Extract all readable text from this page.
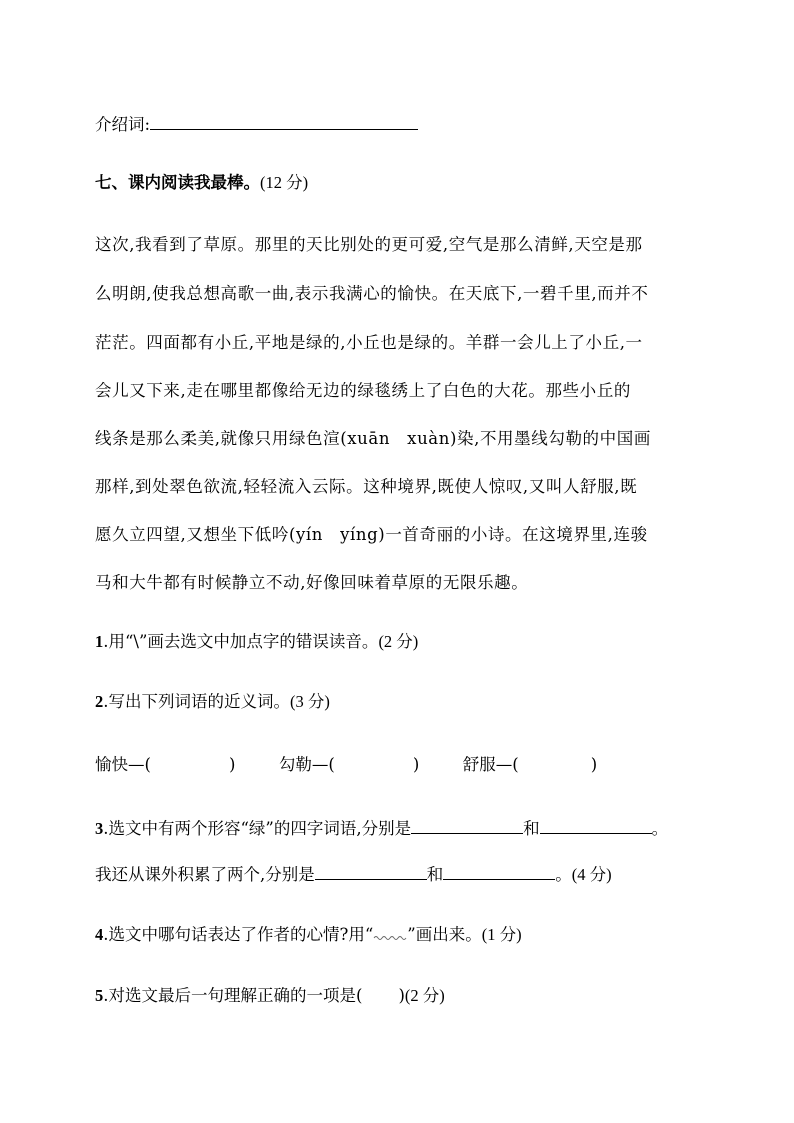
介绍词:
七、课内阅读我最棒。(12 分)
这次,我看到了草原。那里的天比别处的更可爱,空气是那么清鲜,天空是那
么明朗,使我总想高歌一曲,表示我满心的愉快。在天底下,一碧千里,而并不
茫茫。四面都有小丘,平地是绿的,小丘也是绿的。羊群一会儿上了小丘,一
会儿又下来,走在哪里都像给无边的绿毯绣上了白色的大花。那些小丘的
线条是那么柔美,就像只用绿色渲(xuān　xuàn)染,不用墨线勾勒的中国画
那样,到处翠色欲流,轻轻流入云际。这种境界,既使人惊叹,又叫人舒服,既
愿久立四望,又想坐下低吟(yín　yíng)一首奇丽的小诗。在这境界里,连骏
马和大牛都有时候静立不动,好像回味着草原的无限乐趣。
1.用“\”画去选文中加点字的错误读音。(2 分)
2.写出下列词语的近义词。(3 分)
愉快—(	)	勾勒—(	)	舒服—(	)
3.选文中有两个形容“绿”的四字词语,分别是	和	。
我还从课外积累了两个,分别是	和	。(4 分)
4.选文中哪句话表达了作者的心情?用“ ”画出来。(1 分)
5.对选文最后一句理解正确的一项是( )(2 分)
